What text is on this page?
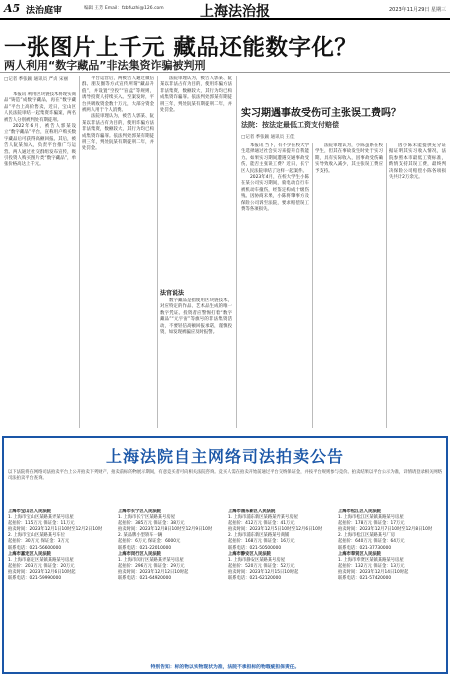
A5 法治庭审	编辑 王芳 Email：fzbfuzhi@126.com	上海法治报	2023年11月29日 星期三
一张图片上千元 藏品还能数字化？
两人利用“数字藏品”非法集资诈骗被判刑
□记者 季张颖 通讯员 严贞 宋丽

本报讯 利用区块链技术将现实商品“铸造”成数字藏品，再在“数字藏品”平台上高价售卖，近日，宝山区人民法院审结一起集资诈骗案，两名被告人分别被判处有期徒刑。

2022年6月，被告人郭某设立“数字藏品”平台，宣称用户购买数字藏品后可获得高额回报。其后，被告人阮某加入，负责平台推广与运营。两人通过社交群组发布宣传，吸引投资人购买图片类“数字藏品”，单张价格高达上千元。

平台运营后，两被告人通过微信群、朋友圈等方式宣传所谓“藏品升值”，并设置“空投”“盲盒”等规则，诱导投资人持续买入。至案发时，平台共吸收资金数十万元，大部分资金被两人用于个人消费。

法院审理认为，被告人郭某、阮某以非法占有为目的，使用诈骗方法非法集资，数额较大，其行为均已构成集资诈骗罪。依法判处郭某有期徒刑三年，判处阮某有期徒刑二年，并处罚金。

法院审理认为，被告人郭某、阮某以非法占有为目的，使用诈骗方法非法集资，数额较大，其行为均已构成集资诈骗罪。依法判处郭某有期徒刑三年，判处阮某有期徒刑二年，并处罚金。

法官说法

数字藏品是指使用区块链技术，对应特定的作品、艺术品生成的唯一数字凭证。投资者应警惕打着“数字藏品”“元宇宙”等旗号的非法集资活动，不要轻信高额回报承诺，谨慎投资，如发现被骗应及时报警。

实习期遇事故受伤可主张误工费吗？
法院：按法定最低工资支付赔偿
□记者 季张颖 通讯员 王佳

本报讯 当下，有不少在校大学生选择通过社会实习来提升自我能力。如果实习期间遭遇交通事故受伤，能否主张误工费？近日，长宁区人民法院审结了这样一起案件。

2023年4月，在校大学生小陈在某公司实习期间，骑电动自行车被机动车撞伤，经鉴定构成十级伤残。因协商未果，小陈将肇事方及保险公司诉至法院，要求赔偿误工费等各项损失。

法院审理认为，小陈虽系在校学生，但其在事故发生时处于实习期，具有实际收入，因事故受伤确实导致收入减少，其主张误工费应予支持。

因小陈未能提供充分证据证明其实习收入情况，法院参照本市最低工资标准，酌情支持其误工费，最终判决保险公司赔偿小陈各项损失共计2万余元。

上海法院自主网络司法拍卖公告
以下法院将在网络司法拍卖平台上公开拍卖下列财产，拍卖前标的物展示期间，有意竞买者可向相关法院咨询。竞买人需在拍卖开始前通过平台交纳保证金，并按平台规则参与竞价。拍卖结果以平台公示为准，详情请登录相关网络司法拍卖平台查询。
上海市宝山区人民法院
1. 上海市宝山区某路某弄某号房屋
起拍价：115万元 保证金：11万元
拍卖时间：2023年12月1日10时至12月2日10时
2. 上海市宝山区某路某号车位
起拍价：30万元 保证金：3万元
联系电话：021-56600000
上海市嘉定区人民法院
1. 上海市嘉定区某镇某路某号房屋
起拍价：203万元 保证金：20万元
拍卖时间：2023年12月6日10时起
联系电话：021-59990000
上海市长宁区人民法院
1. 上海市长宁区某路某号房屋
起拍价：385万元 保证金：38万元
拍卖时间：2023年12月8日10时至12月9日10时
2. 某品牌小型轿车一辆
起拍价：6万元 保证金：6000元
联系电话：021-22010000
上海市闵行区人民法院
1. 上海市闵行区某路某弄某号房屋
起拍价：296万元 保证金：29万元
拍卖时间：2023年12月12日10时起
联系电话：021-64920000
上海市浦东新区人民法院
1. 上海市浦东新区某路某弄某号房屋
起拍价：412万元 保证金：41万元
拍卖时间：2023年12月5日10时至12月6日10时
2. 上海市浦东新区某路某号商铺
起拍价：168万元 保证金：16万元
联系电话：021-50500000
上海市静安区人民法院
1. 上海市静安区某路某号房屋
起拍价：520万元 保证金：52万元
拍卖时间：2023年12月15日10时起
联系电话：021-62120000
上海市松江区人民法院
1. 上海市松江区某镇某路某号房屋
起拍价：178万元 保证金：17万元
拍卖时间：2023年12月7日10时至12月8日10时
2. 上海市松江区某路某号厂房
起拍价：640万元 保证金：64万元
联系电话：021-37730000
上海市奉贤区人民法院
1. 上海市奉贤区某镇某路某号房屋
起拍价：132万元 保证金：13万元
拍卖时间：2023年12月14日10时起
联系电话：021-57420000
特别告知：标的物以实物现状为准，法院不承担标的物瑕疵担保责任。
